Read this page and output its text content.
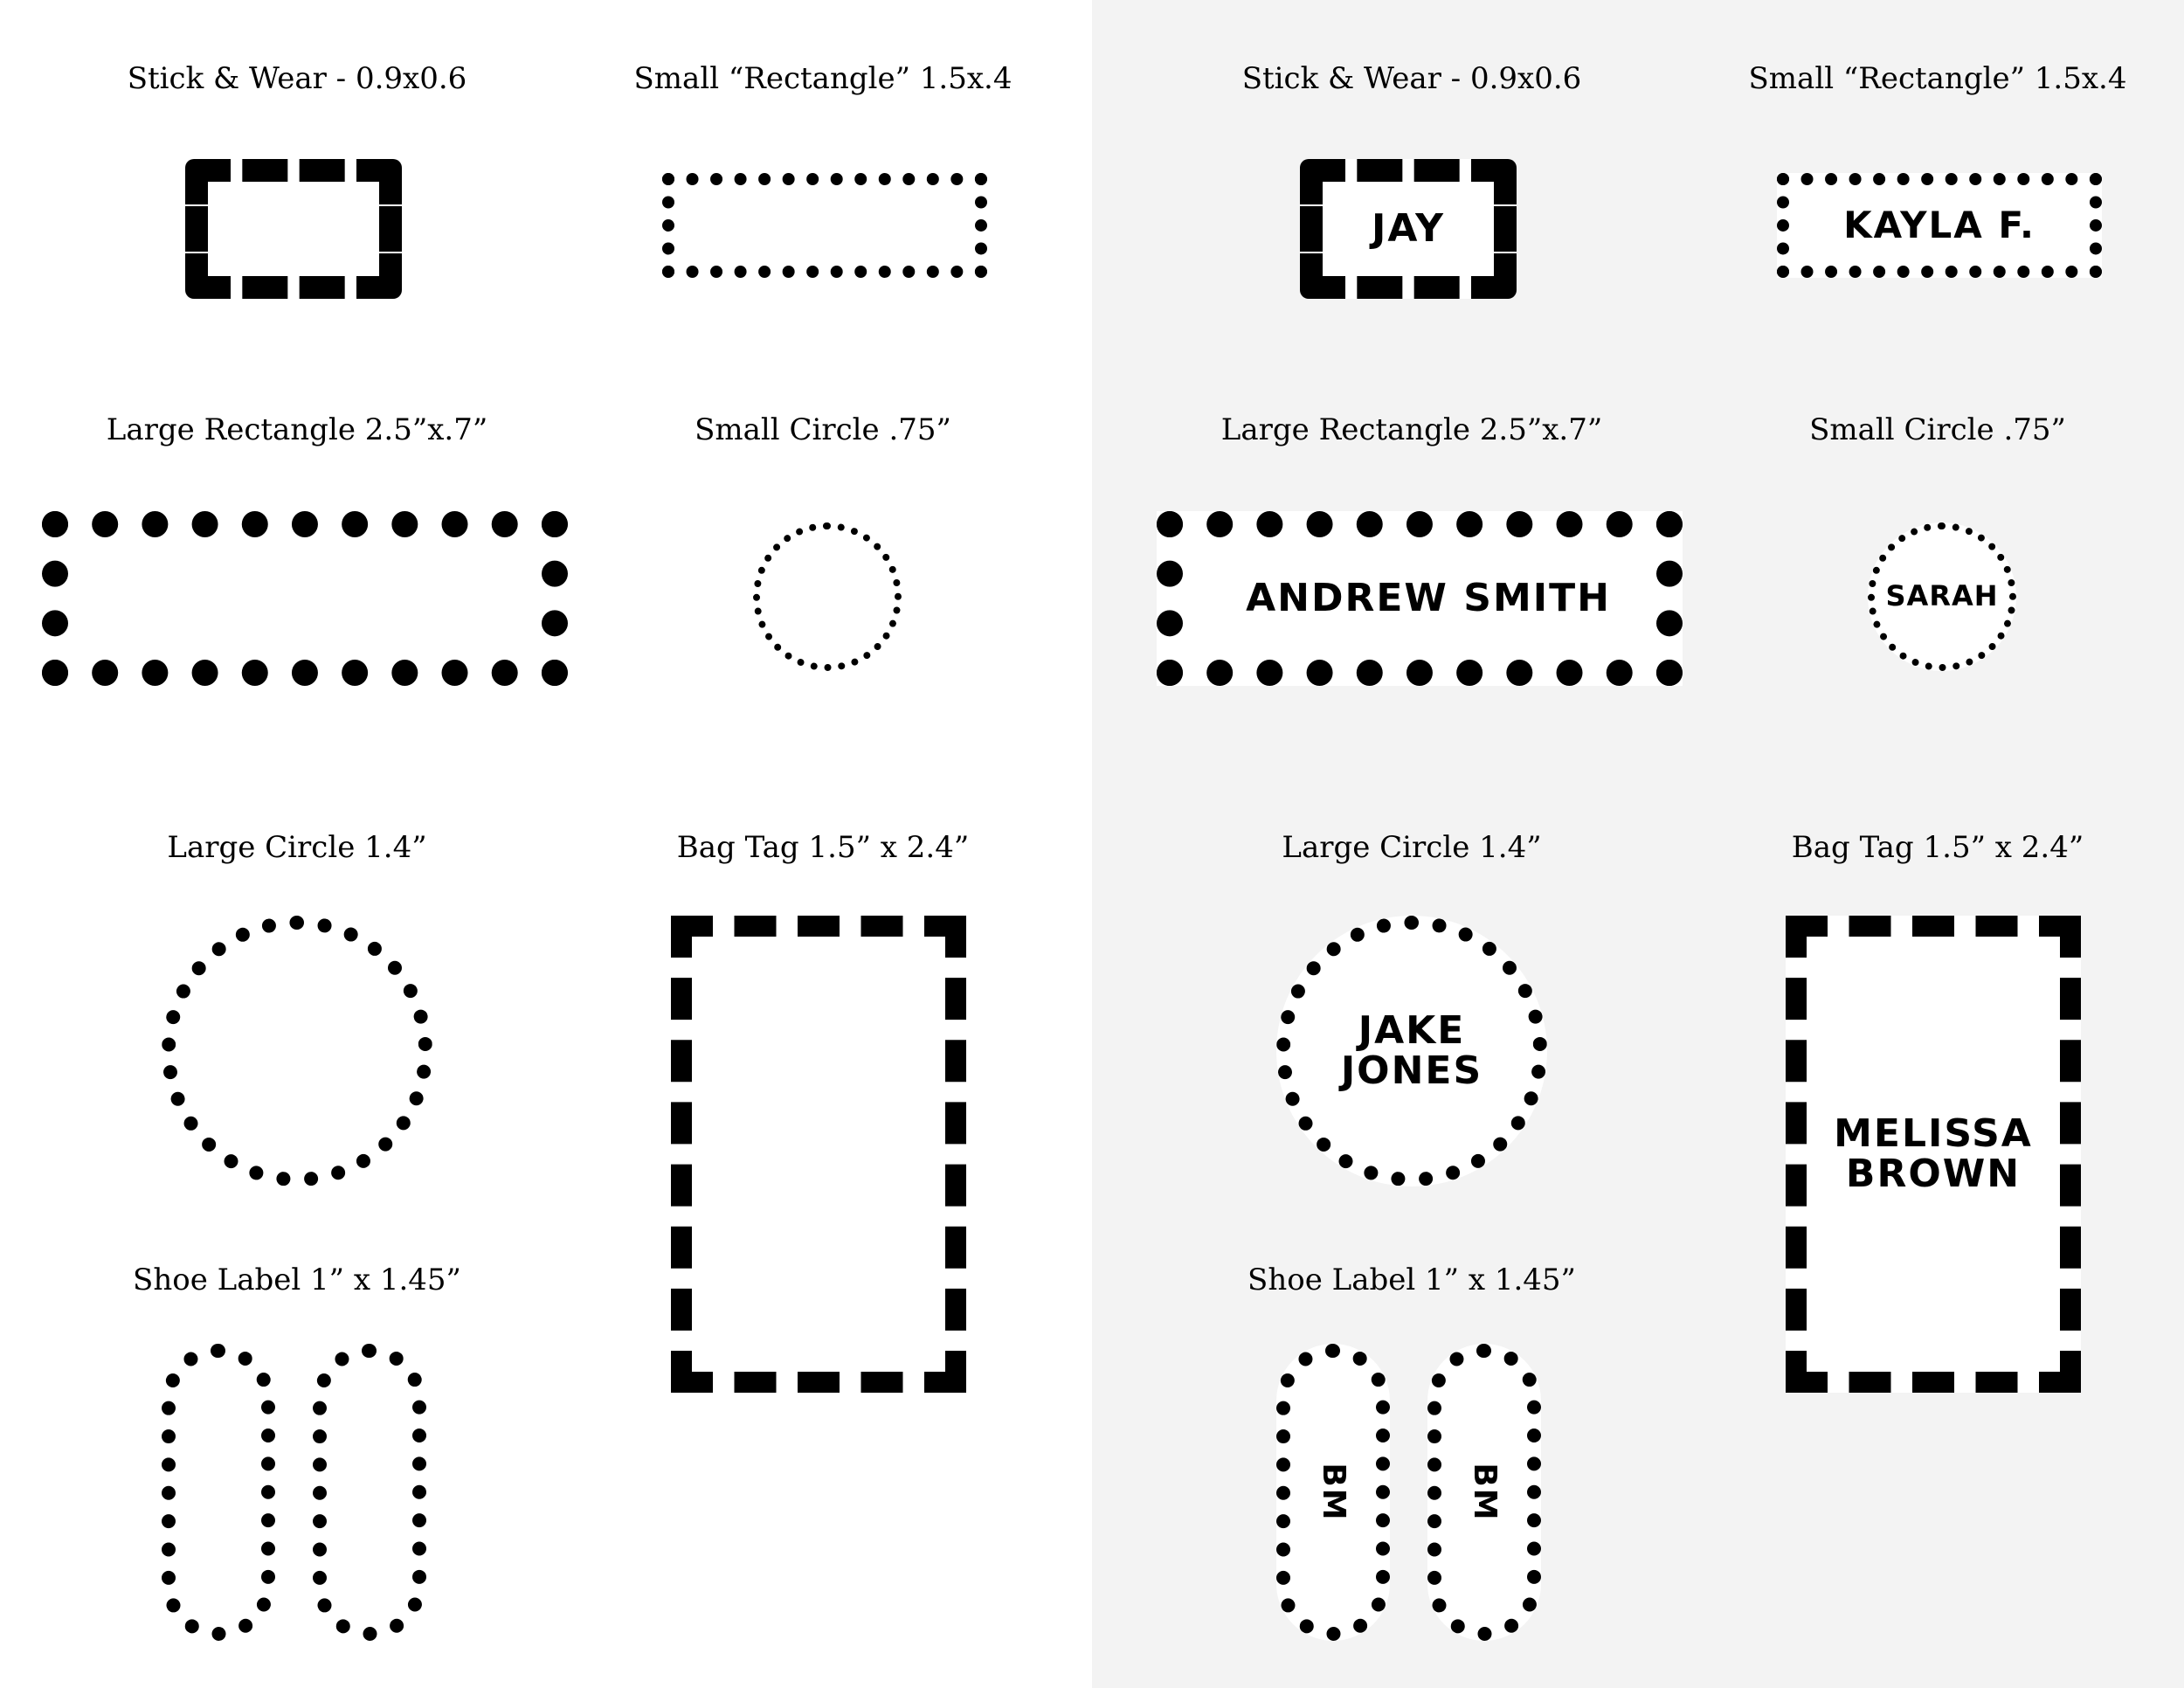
Stick & Wear - 0.9x0.6	Small “Rectangle” 1.5x.4
Large Rectangle 2.5”x.7”	Small Circle .75”
Large Circle 1.4”	Bag Tag 1.5” x 2.4”
Shoe Label 1” x 1.45”
Stick & Wear - 0.9x0.6	Small “Rectangle” 1.5x.4
JAY	KAYLA F.
Large Rectangle 2.5”x.7”	Small Circle .75”
ANDREW SMITH	SARAH
Large Circle 1.4”	Bag Tag 1.5” x 2.4”
JAKE
JONES
MELISSA
BROWN
Shoe Label 1” x 1.45”
BM	BM
